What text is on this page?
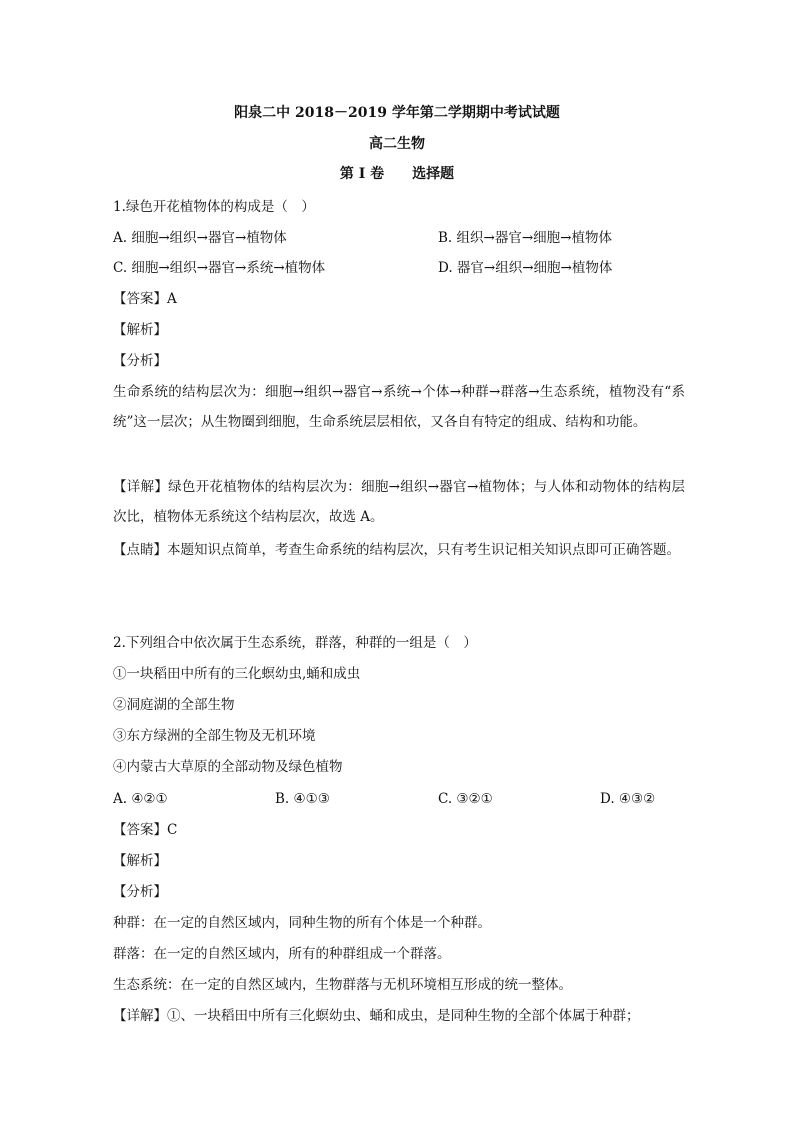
阳泉二中 2018－2019 学年第二学期期中考试试题
高二生物
第 I 卷　　选择题
1.绿色开花植物体的构成是（　）
A. 细胞→组织→器官→植物体	B. 组织→器官→细胞→植物体
C. 细胞→组织→器官→系统→植物体	D. 器官→组织→细胞→植物体
【答案】A
【解析】
【分析】
生命系统的结构层次为：细胞→组织→器官→系统→个体→种群→群落→生态系统，植物没有“系统”这一层次；从生物圈到细胞，生命系统层层相依，又各自有特定的组成、结构和功能。
【详解】绿色开花植物体的结构层次为：细胞→组织→器官→植物体；与人体和动物体的结构层次比，植物体无系统这个结构层次，故选 A。
【点睛】本题知识点简单，考查生命系统的结构层次，只有考生识记相关知识点即可正确答题。
2.下列组合中依次属于生态系统，群落，种群的一组是（　）
①一块稻田中所有的三化螟幼虫,蛹和成虫
②洞庭湖的全部生物
③东方绿洲的全部生物及无机环境
④内蒙古大草原的全部动物及绿色植物
A. ④②①	B. ④①③	C. ③②①	D. ④③②
【答案】C
【解析】
【分析】
种群：在一定的自然区域内，同种生物的所有个体是一个种群。
群落：在一定的自然区域内，所有的种群组成一个群落。
生态系统：在一定的自然区域内，生物群落与无机环境相互形成的统一整体。
【详解】①、一块稻田中所有三化螟幼虫、蛹和成虫，是同种生物的全部个体属于种群；
